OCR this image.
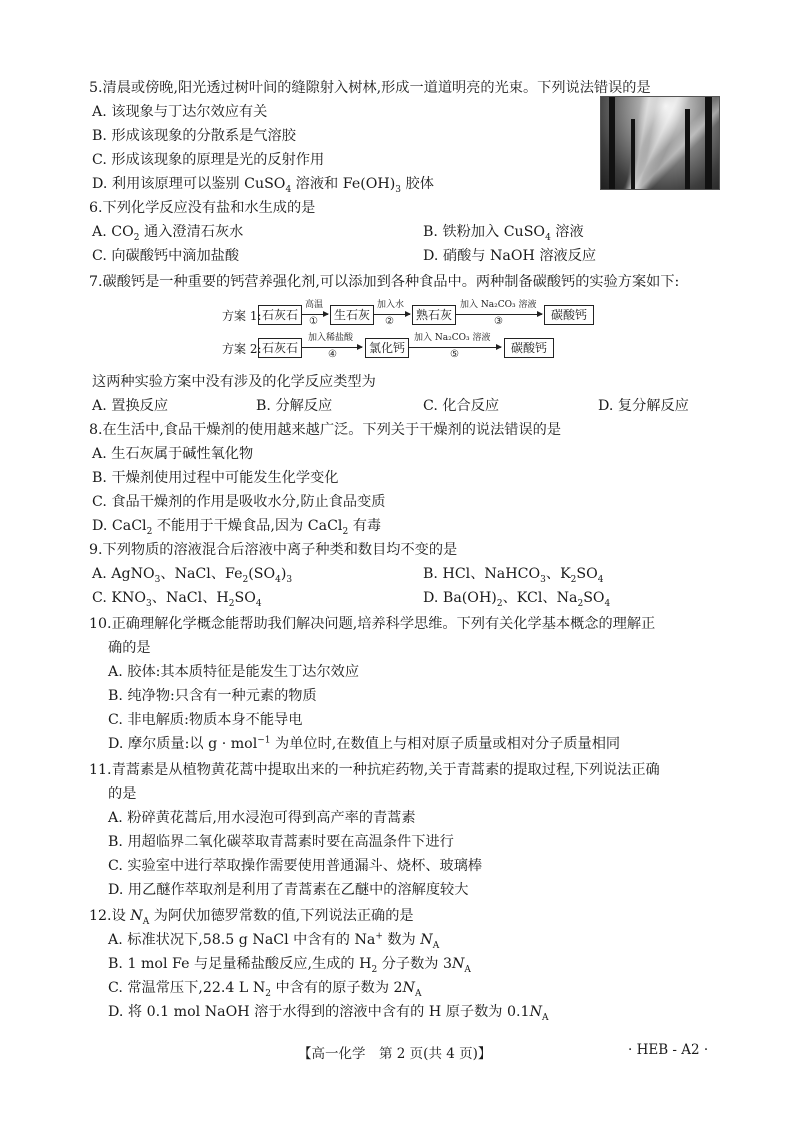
5.清晨或傍晚,阳光透过树叶间的缝隙射入树林,形成一道道明亮的光束。下列说法错误的是
A. 该现象与丁达尔效应有关
B. 形成该现象的分散系是气溶胶
C. 形成该现象的原理是光的反射作用
D. 利用该原理可以鉴别 CuSO$_4$ 溶液和 $Fe(OH)_3$ 胶体
6.下列化学反应没有盐和水生成的是
A. $CO_2$ 通入澄清石灰水	B. 铁粉加入 CuSO$_4$ 溶液
C. 向碳酸钙中滴加盐酸	D. 硝酸与 NaOH 溶液反应
7.碳酸钙是一种重要的钙营养强化剂,可以添加到各种食品中。两种制备碳酸钙的实验方案如下:
方案 1: 石灰石
高温
①	生石灰
加入水
②	熟石灰
加入 Na₂CO₃ 溶液
③	碳酸钙
方案 2: 石灰石
加入稀盐酸
④	氯化钙
加入 Na₂CO₃ 溶液
⑤	碳酸钙
这两种实验方案中没有涉及的化学反应类型为
A. 置换反应	B. 分解反应	C. 化合反应	D. 复分解反应
8.在生活中,食品干燥剂的使用越来越广泛。下列关于干燥剂的说法错误的是
A. 生石灰属于碱性氧化物
B. 干燥剂使用过程中可能发生化学变化
C. 食品干燥剂的作用是吸收水分,防止食品变质
D. CaCl$_2$ 不能用于干燥食品,因为 CaCl$_2$ 有毒
9.下列物质的溶液混合后溶液中离子种类和数目均不变的是
A. AgNO$_3$、NaCl、$Fe_2(SO_4)_3$	B. HCl、NaHCO$_3$、$K_2SO_4$
C. $KNO_3$、NaCl、$H_2SO_4$	D. $Ba(OH)_2$、KCl、$Na_2SO_4$
10.正确理解化学概念能帮助我们解决问题,培养科学思维。下列有关化学基本概念的理解正
确的是
A. 胶体:其本质特征是能发生丁达尔效应
B. 纯净物:只含有一种元素的物质
C. 非电解质:物质本身不能导电
D. 摩尔质量:以 g · mol$^{-1}$ 为单位时,在数值上与相对原子质量或相对分子质量相同
11.青蒿素是从植物黄花蒿中提取出来的一种抗疟药物,关于青蒿素的提取过程,下列说法正确
的是
A. 粉碎黄花蒿后,用水浸泡可得到高产率的青蒿素
B. 用超临界二氧化碳萃取青蒿素时要在高温条件下进行
C. 实验室中进行萃取操作需要使用普通漏斗、烧杯、玻璃棒
D. 用乙醚作萃取剂是利用了青蒿素在乙醚中的溶解度较大
12.设 $N_A$ 为阿伏加德罗常数的值,下列说法正确的是
A. 标准状况下,58.5 g NaCl 中含有的 Na+ 数为 $N_A$
B. 1 mol Fe 与足量稀盐酸反应,生成的 $H_2$ 分子数为 $3N_A$
C. 常温常压下,22.4 L $N_2$ 中含有的原子数为 $2N_A$
D. 将 0.1 mol NaOH 溶于水得到的溶液中含有的 H 原子数为 $0.1N_A$
【高一化学　第 2 页(共 4 页)】	· HEB - A2 ·
